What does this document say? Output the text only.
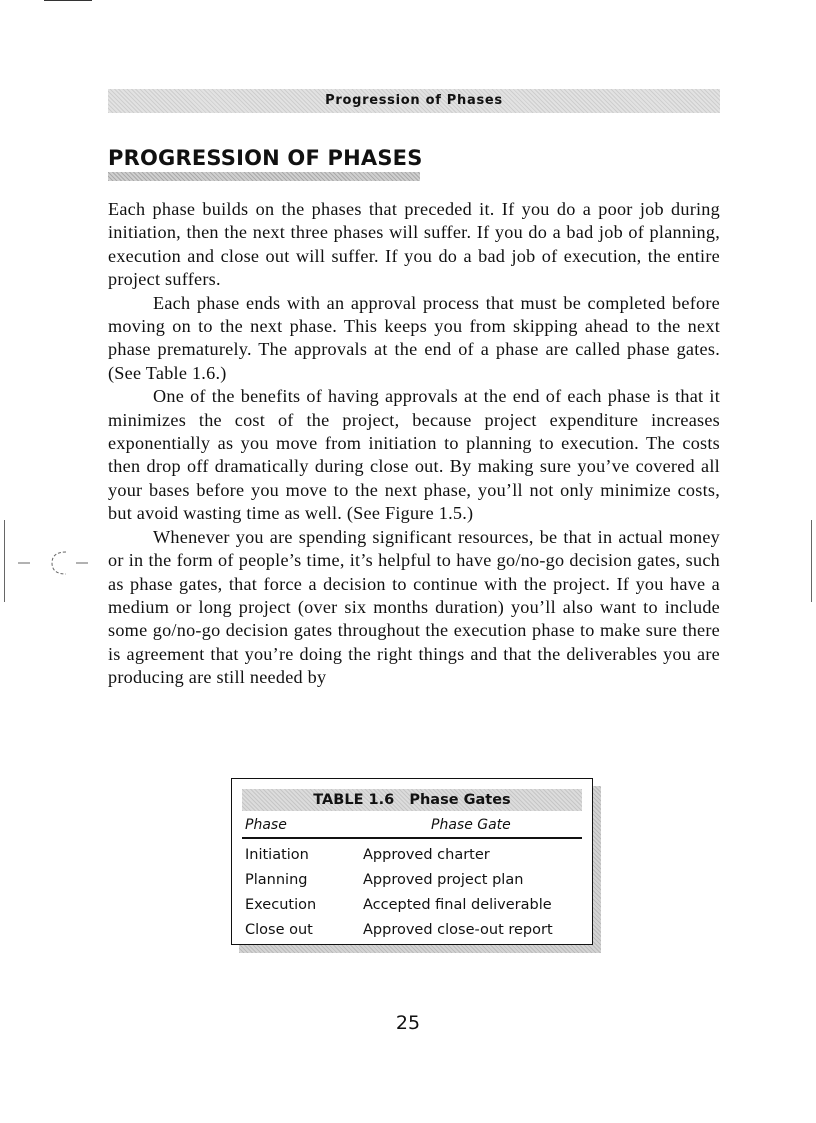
Progression of Phases
PROGRESSION OF PHASES

Each phase builds on the phases that preceded it. If you do a poor job during initiation, then the next three phases will suffer. If you do a bad job of planning, execution and close out will suffer. If you do a bad job of execution, the entire project suffers.

Each phase ends with an approval process that must be completed before moving on to the next phase. This keeps you from skipping ahead to the next phase prematurely. The approvals at the end of a phase are called phase gates. (See Table 1.6.)

One of the benefits of having approvals at the end of each phase is that it minimizes the cost of the project, because project expenditure increases exponentially as you move from initiation to planning to execution. The costs then drop off dramatically during close out. By making sure you’ve covered all your bases before you move to the next phase, you’ll not only minimize costs, but avoid wasting time as well. (See Figure 1.5.)

Whenever you are spending significant resources, be that in actual money or in the form of people’s time, it’s helpful to have go/no-go decision gates, such as phase gates, that force a decision to continue with the project. If you have a medium or long project (over six months duration) you’ll also want to include some go/no-go decision gates throughout the execution phase to make sure there is agreement that you’re doing the right things and that the deliverables you are producing are still needed by

TABLE 1.6   Phase Gates
Phase	Phase Gate
Initiation	Approved charter
Planning	Approved project plan
Execution	Accepted final deliverable
Close out	Approved close-out report
25
